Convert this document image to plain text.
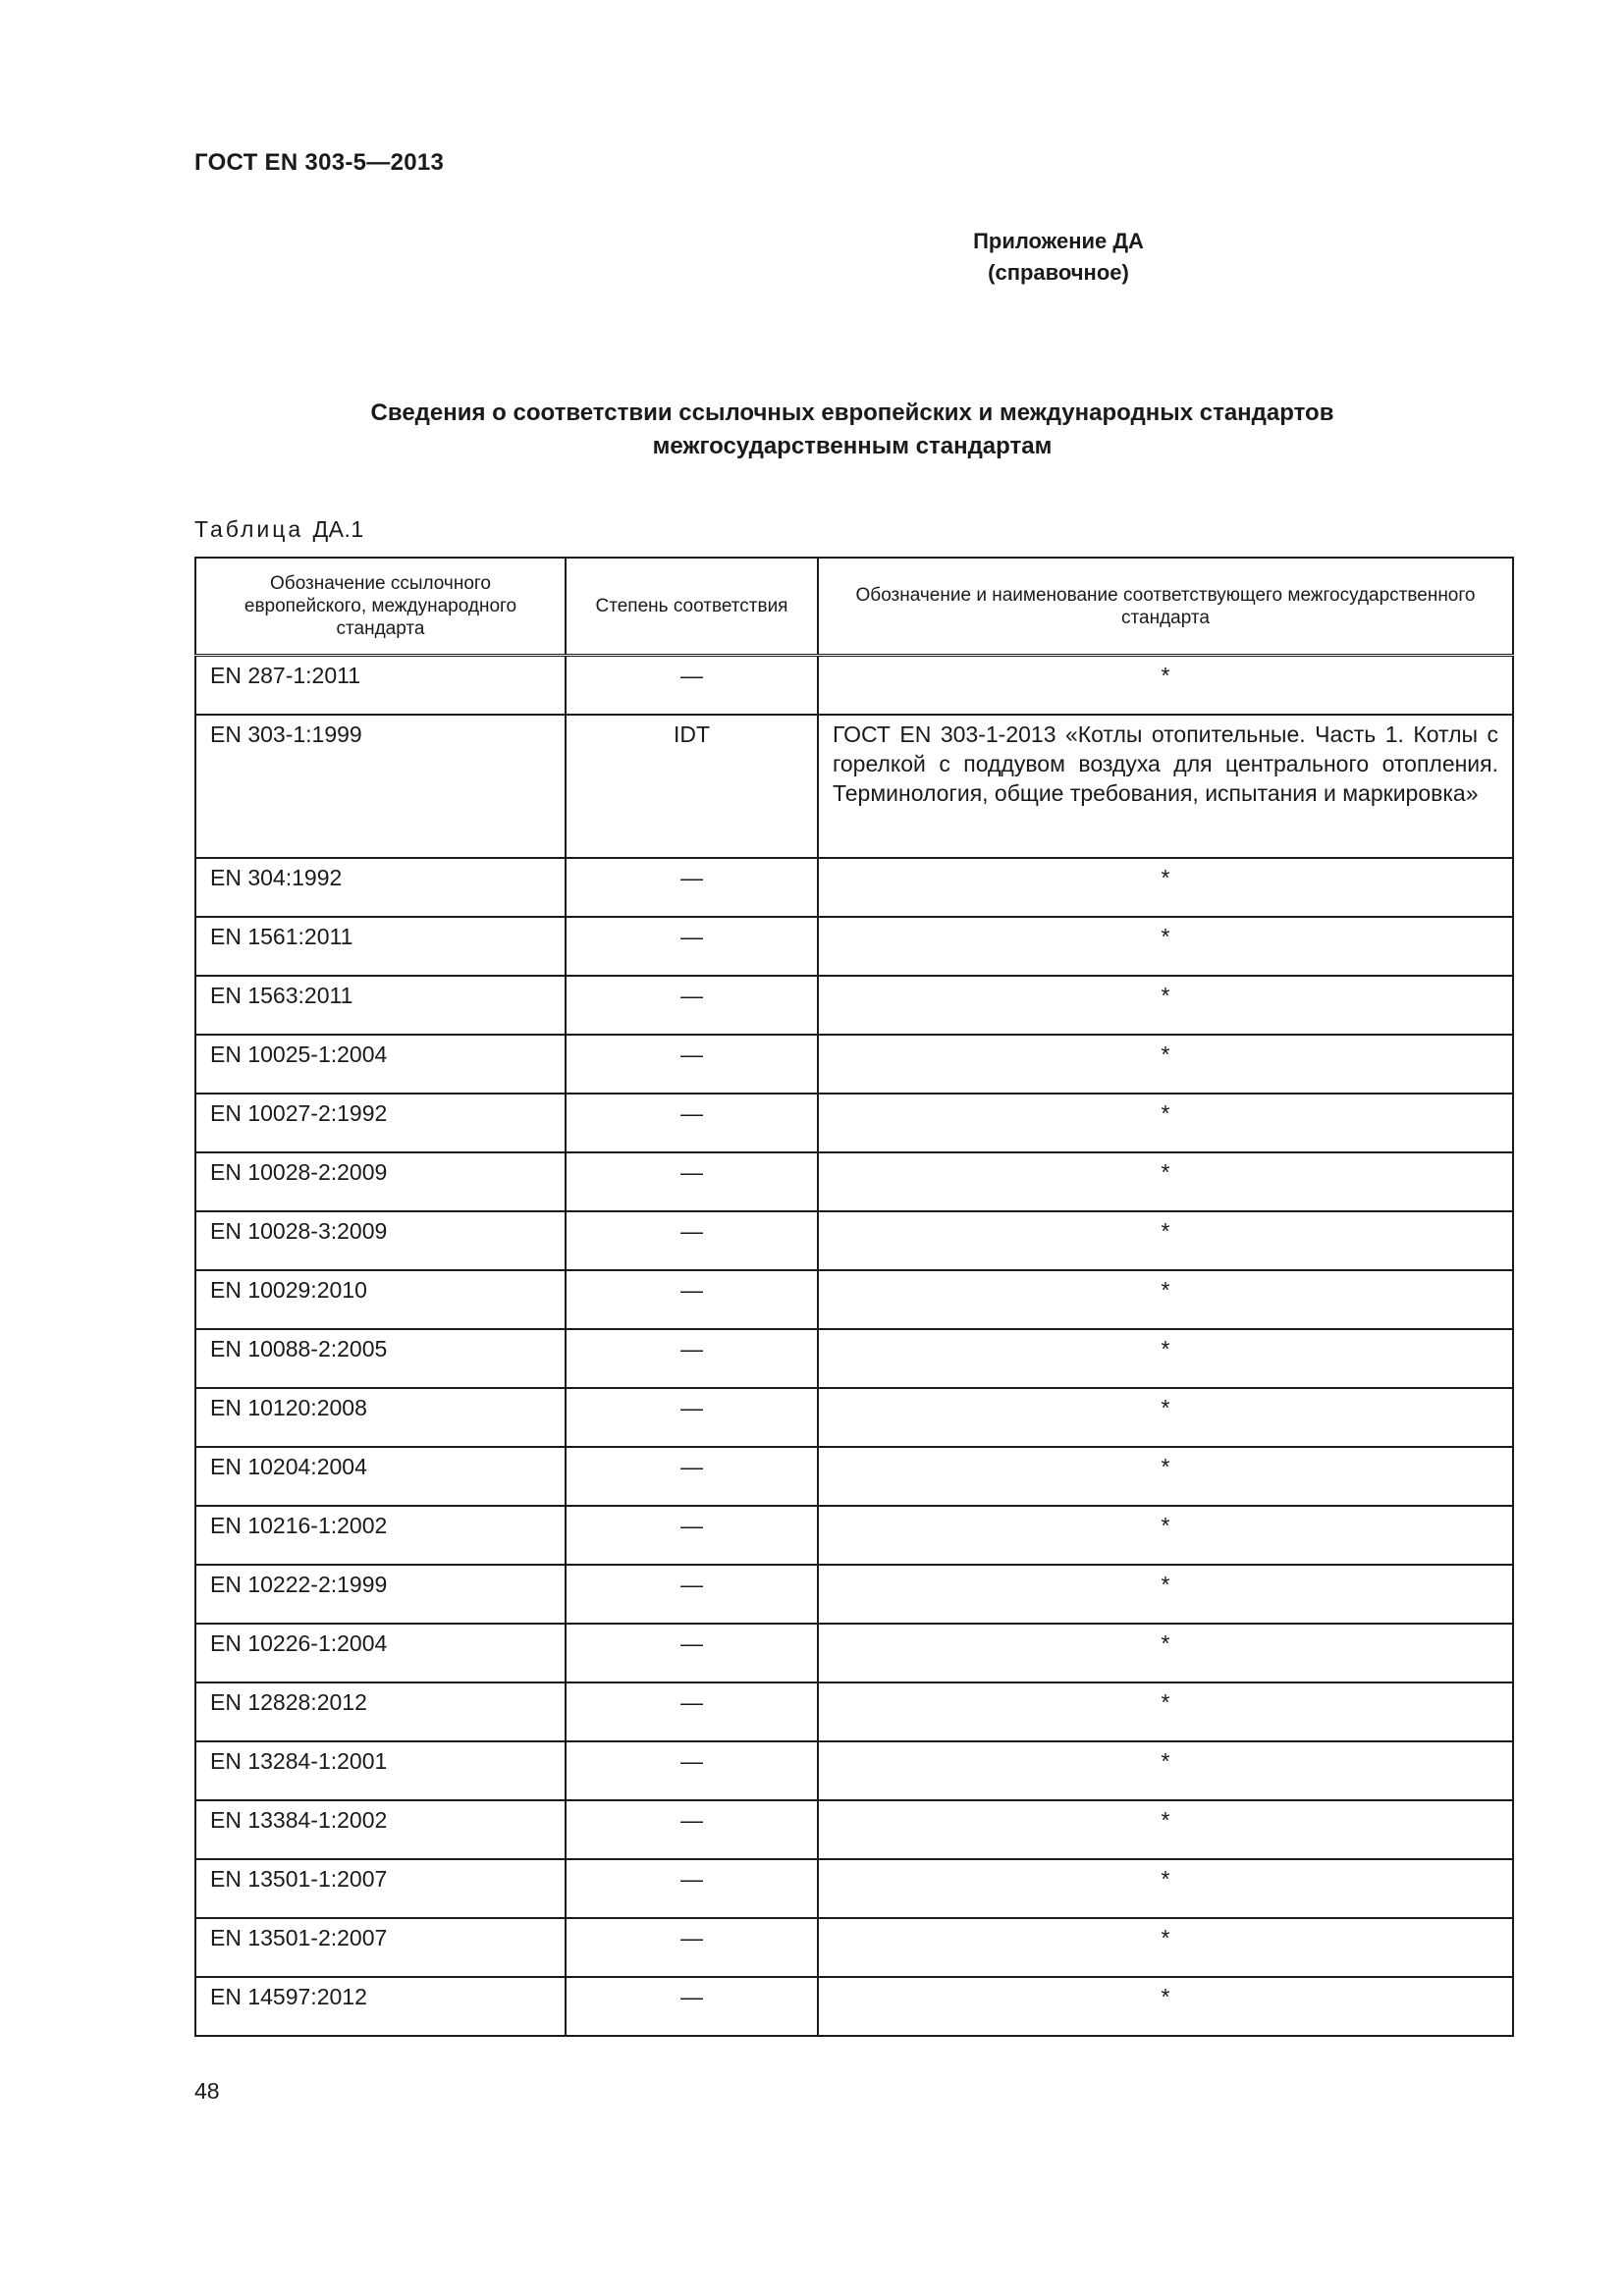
ГОСТ EN 303-5—2013
Приложение ДА
(справочное)
Сведения о соответствии ссылочных европейских и международных стандартов
межгосударственным стандартам
Таблица ДА.1
Обозначение ссылочного европейского, международного стандарта	Степень соответствия	Обозначение и наименование соответствующего межгосударственного стандарта
EN 287-1:2011	—	*
EN 303-1:1999	IDT	ГОСТ EN 303-1-2013 «Котлы отопительные. Часть 1. Котлы с горелкой с поддувом воздуха для центрального отопления. Терминология, общие требования, испытания и маркировка»
EN 304:1992	—	*
EN 1561:2011	—	*
EN 1563:2011	—	*
EN 10025-1:2004	—	*
EN 10027-2:1992	—	*
EN 10028-2:2009	—	*
EN 10028-3:2009	—	*
EN 10029:2010	—	*
EN 10088-2:2005	—	*
EN 10120:2008	—	*
EN 10204:2004	—	*
EN 10216-1:2002	—	*
EN 10222-2:1999	—	*
EN 10226-1:2004	—	*
EN 12828:2012	—	*
EN 13284-1:2001	—	*
EN 13384-1:2002	—	*
EN 13501-1:2007	—	*
EN 13501-2:2007	—	*
EN 14597:2012	—	*
48
